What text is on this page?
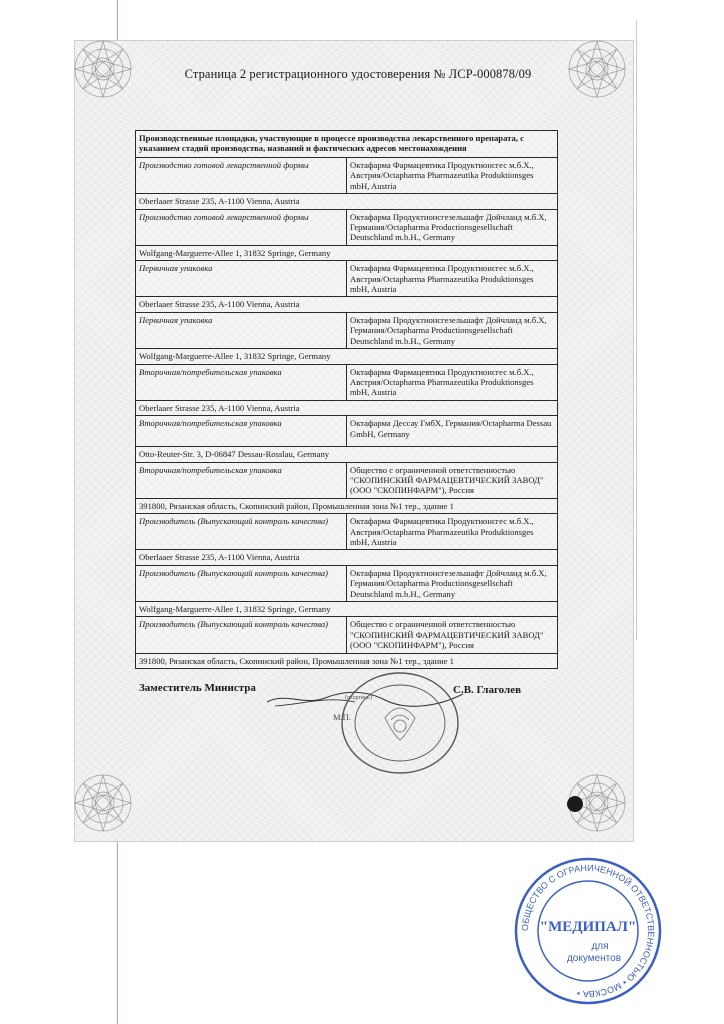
Страница 2 регистрационного удостоверения № ЛСР-000878/09
Производственные площадки, участвующие в процессе производства лекарственного препарата, с указанием стадий производства, названий и фактических адресов местонахождения	
Производство готовой лекарственной формы	Октафарма Фармацевтика Продуктионсгес м.б.Х., Австрия/Octapharma Pharmazeutika Produktionsges mbH, Austria
Oberlaaer Strasse 235, A-1100 Vienna, Austria	
Производство готовой лекарственной формы	Октафарма Продуктионсгезельшафт Дойчланд м.б.Х, Германия/Octapharma Productionsgesellschaft Deutschland m.b.H., Germany
Wolfgang-Marguerre-Allee 1, 31832 Springe, Germany	
Первичная упаковка	Октафарма Фармацевтика Продуктионсгес м.б.Х., Австрия/Octapharma Pharmazeutika Produktionsges mbH, Austria
Oberlaaer Strasse 235, A-1100 Vienna, Austria	
Первичная упаковка	Октафарма Продуктионсгезельшафт Дойчланд м.б.Х, Германия/Octapharma Productionsgesellschaft Deutschland m.b.H., Germany
Wolfgang-Marguerre-Allee 1, 31832 Springe, Germany	
Вторичная/потребительская упаковка	Октафарма Фармацевтика Продуктионсгес м.б.Х., Австрия/Octapharma Pharmazeutika Produktionsges mbH, Austria
Oberlaaer Strasse 235, A-1100 Vienna, Austria	
Вторичная/потребительская упаковка	Октафарма Дессау ГмбХ, Германия/Octapharma Dessau GmbH, Germany
Otto-Reuter-Str. 3, D-06847 Dessau-Rosslau, Germany	
Вторичная/потребительская упаковка	Общество с ограниченной ответственностью "СКОПИНСКИЙ ФАРМАЦЕВТИЧЕСКИЙ ЗАВОД" (ООО "СКОПИНФАРМ"), Россия
391800, Рязанская область, Скопинский район, Промышленная зона №1 тер., здание 1	
Производитель (Выпускающий контроль качества)	Октафарма Фармацевтика Продуктионсгес м.б.Х., Австрия/Octapharma Pharmazeutika Produktionsges mbH, Austria
Oberlaaer Strasse 235, A-1100 Vienna, Austria	
Производитель (Выпускающий контроль качества)	Октафарма Продуктионсгезельшафт Дойчланд м.б.Х, Германия/Octapharma Productionsgesellschaft Deutschland m.b.H., Germany
Wolfgang-Marguerre-Allee 1, 31832 Springe, Germany	
Производитель (Выпускающий контроль качества)	Общество с ограниченной ответственностью "СКОПИНСКИЙ ФАРМАЦЕВТИЧЕСКИЙ ЗАВОД" (ООО "СКОПИНФАРМ"), Россия
391800, Рязанская область, Скопинский район, Промышленная зона №1 тер., здание 1	
Заместитель Министра
(подпись)
М.П.
С.В. Глаголев
ОБЩЕСТВО С ОГРАНИЧЕННОЙ ОТВЕТСТВЕННОСТЬЮ • МОСКВА •
"МЕДИПАЛ"
для
документов
